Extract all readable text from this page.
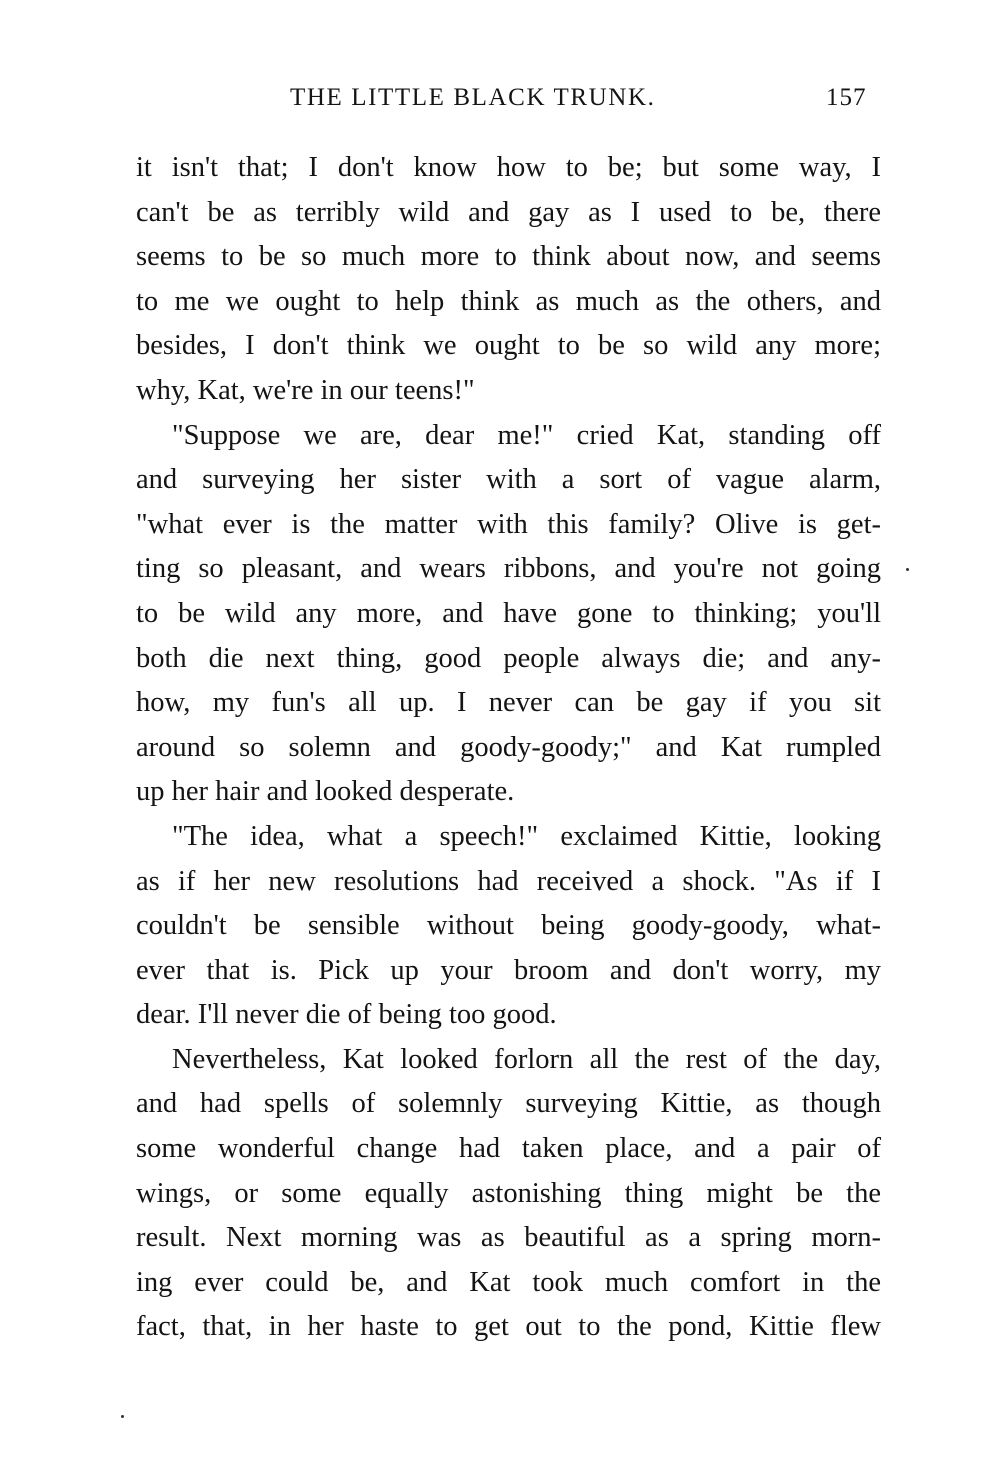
THE LITTLE BLACK TRUNK.	157
it isn't that; I don't know how to be; but some way, I
can't be as terribly wild and gay as I used to be, there
seems to be so much more to think about now, and seems
to me we ought to help think as much as the others, and
besides, I don't think we ought to be so wild any more;
why, Kat, we're in our teens!"
"Suppose we are, dear me!" cried Kat, standing off
and surveying her sister with a sort of vague alarm,
"what ever is the matter with this family? Olive is get-
ting so pleasant, and wears ribbons, and you're not going
to be wild any more, and have gone to thinking; you'll
both die next thing, good people always die; and any-
how, my fun's all up. I never can be gay if you sit
around so solemn and goody-goody;" and Kat rumpled
up her hair and looked desperate.
"The idea, what a speech!" exclaimed Kittie, looking
as if her new resolutions had received a shock. "As if I
couldn't be sensible without being goody-goody, what-
ever that is. Pick up your broom and don't worry, my
dear. I'll never die of being too good.
Nevertheless, Kat looked forlorn all the rest of the day,
and had spells of solemnly surveying Kittie, as though
some wonderful change had taken place, and a pair of
wings, or some equally astonishing thing might be the
result. Next morning was as beautiful as a spring morn-
ing ever could be, and Kat took much comfort in the
fact, that, in her haste to get out to the pond, Kittie flew
